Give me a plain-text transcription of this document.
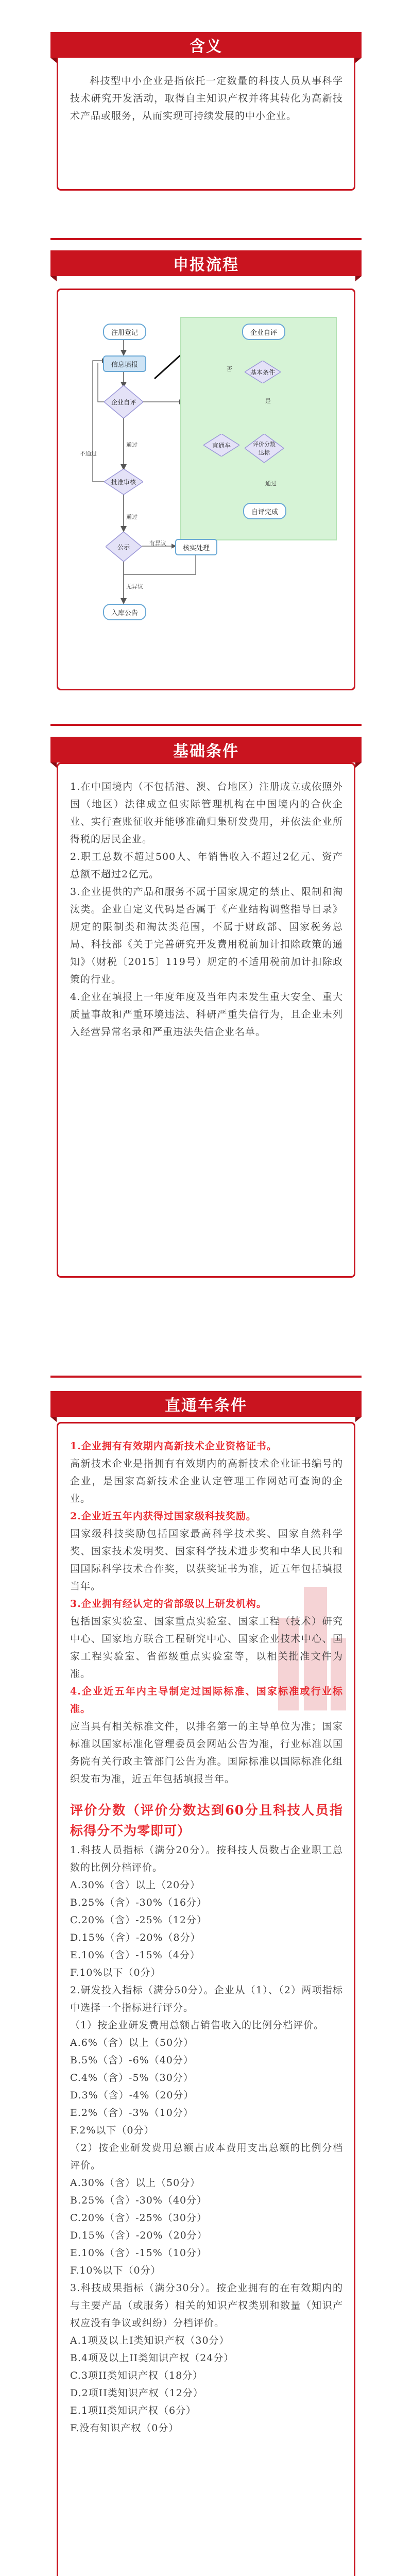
含义

科技型中小企业是指依托一定数量的科技人员从事科学技术研究开发活动，取得自主知识产权并将其转化为高新技术产品或服务，从而实现可持续发展的中小企业。

申报流程
注册登记
信息填报
企业自评
批准审核
公示	核实处理
入库公告
企业自评
基本条件
直通车	评价分数达标
自评完成
不通过
通过
通过
有异议
无异议
是
否
通过
基础条件

1.在中国境内（不包括港、澳、台地区）注册成立或依照外国（地区）法律成立但实际管理机构在中国境内的合伙企业、实行查账征收并能够准确归集研发费用，并依法企业所得税的居民企业。

2.职工总数不超过500人、年销售收入不超过2亿元、资产总额不超过2亿元。

3.企业提供的产品和服务不属于国家规定的禁止、限制和淘汰类。企业自定义代码是否属于《产业结构调整指导目录》规定的限制类和淘汰类范围，不属于财政部、国家税务总局、科技部《关于完善研究开发费用税前加计扣除政策的通知》（财税〔2015〕119号）规定的不适用税前加计扣除政策的行业。

4.企业在填报上一年度年度及当年内未发生重大安全、重大质量事故和严重环境违法、科研严重失信行为，且企业未列入经营异常名录和严重违法失信企业名单。

直通车条件

1.企业拥有有效期内高新技术企业资格证书。

高新技术企业是指拥有有效期内的高新技术企业证书编号的企业，是国家高新技术企业认定管理工作网站可查询的企业。

2.企业近五年内获得过国家级科技奖励。

国家级科技奖励包括国家最高科学技术奖、国家自然科学奖、国家技术发明奖、国家科学技术进步奖和中华人民共和国国际科学技术合作奖，以获奖证书为准，近五年包括填报当年。

3.企业拥有经认定的省部级以上研发机构。

包括国家实验室、国家重点实验室、国家工程（技术）研究中心、国家地方联合工程研究中心、国家企业技术中心、国家工程实验室、省部级重点实验室等，以相关批准文件为准。

4.企业近五年内主导制定过国际标准、国家标准或行业标准。

应当具有相关标准文件，以排名第一的主导单位为准；国家标准以国家标准化管理委员会网站公告为准，行业标准以国务院有关行政主管部门公告为准。国际标准以国际标准化组织发布为准，近五年包括填报当年。

评价分数（评价分数达到60分且科技人员指标得分不为零即可）

1.科技人员指标（满分20分）。按科技人员数占企业职工总数的比例分档评价。
A.30%（含）以上（20分）
B.25%（含）-30%（16分）
C.20%（含）-25%（12分）
D.15%（含）-20%（8分）
E.10%（含）-15%（4分）
F.10%以下（0分）
2.研发投入指标（满分50分）。企业从（1）、（2）两项指标中选择一个指标进行评分。
（1）按企业研发费用总额占销售收入的比例分档评价。
A.6%（含）以上（50分）
B.5%（含）-6%（40分）
C.4%（含）-5%（30分）
D.3%（含）-4%（20分）
E.2%（含）-3%（10分）
F.2%以下（0分）
（2）按企业研发费用总额占成本费用支出总额的比例分档评价。
A.30%（含）以上（50分）
B.25%（含）-30%（40分）
C.20%（含）-25%（30分）
D.15%（含）-20%（20分）
E.10%（含）-15%（10分）
F.10%以下（0分）
3.科技成果指标（满分30分）。按企业拥有的在有效期内的与主要产品（或服务）相关的知识产权类别和数量（知识产权应没有争议或纠纷）分档评价。
A.1项及以上I类知识产权（30分）
B.4项及以上II类知识产权（24分）
C.3项II类知识产权（18分）
D.2项II类知识产权（12分）
E.1项II类知识产权（6分）
F.没有知识产权（0分）
